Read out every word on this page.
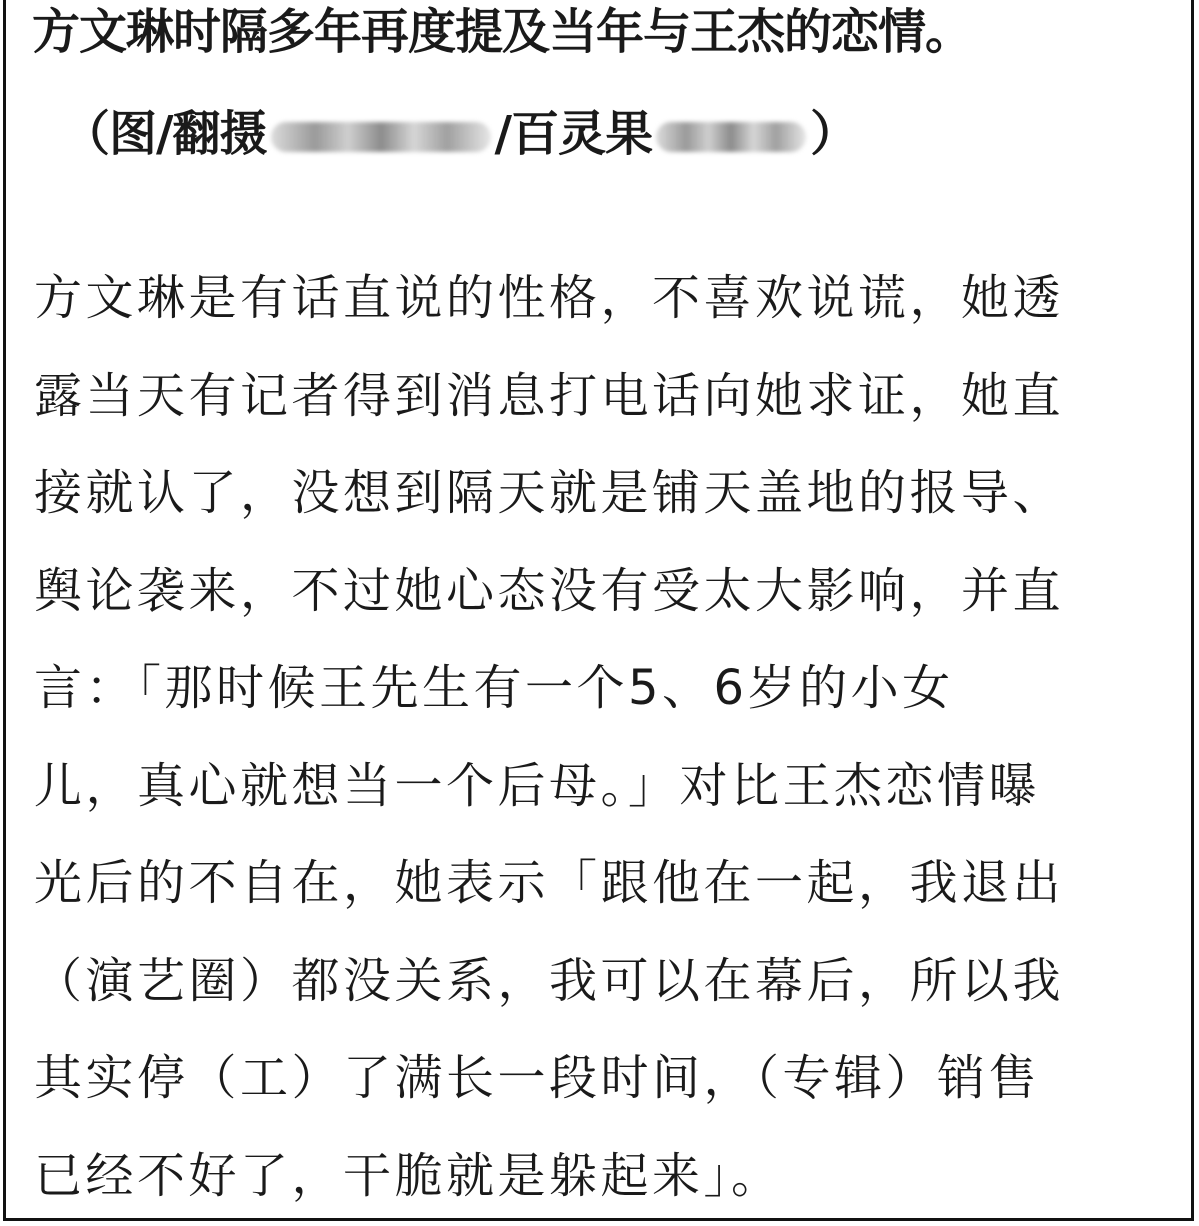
方文琳时隔多年再度提及当年与王杰的恋情。
（图/翻摄	/百灵果	）
方文琳是有话直说的性格，不喜欢说谎，她透
露当天有记者得到消息打电话向她求证，她直
接就认了，没想到隔天就是铺天盖地的报导、
舆论袭来，不过她心态没有受太大影响，并直
言：「那时候王先生有一个5、6岁的小女
儿，真心就想当一个后母。」对比王杰恋情曝
光后的不自在，她表示「跟他在一起，我退出
（演艺圈）都没关系，我可以在幕后，所以我
其实停（工）了满长一段时间，（专辑）销售
已经不好了，干脆就是躲起来」。
